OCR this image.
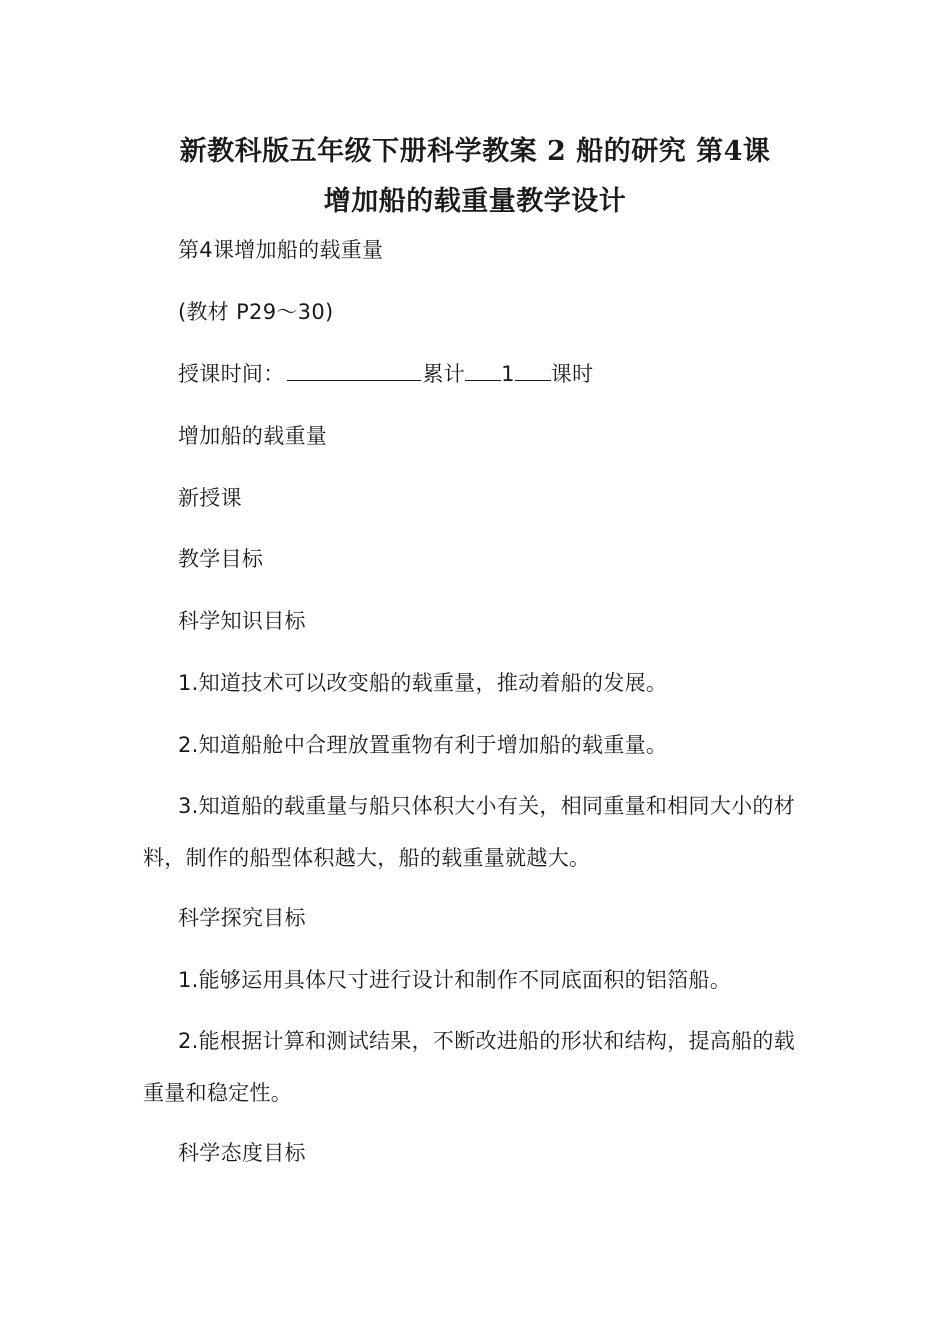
新教科版五年级下册科学教案 2 船的研究 第4课
增加船的载重量教学设计
第4课增加船的载重量
(教材 P29～30)
授课时间：	累计 1 课时
增加船的载重量
新授课
教学目标
科学知识目标
1.知道技术可以改变船的载重量，推动着船的发展。
2.知道船舱中合理放置重物有利于增加船的载重量。
3.知道船的载重量与船只体积大小有关，相同重量和相同大小的材料，制作的船型体积越大，船的载重量就越大。
科学探究目标
1.能够运用具体尺寸进行设计和制作不同底面积的铝箔船。
2.能根据计算和测试结果，不断改进船的形状和结构，提高船的载重量和稳定性。
科学态度目标
